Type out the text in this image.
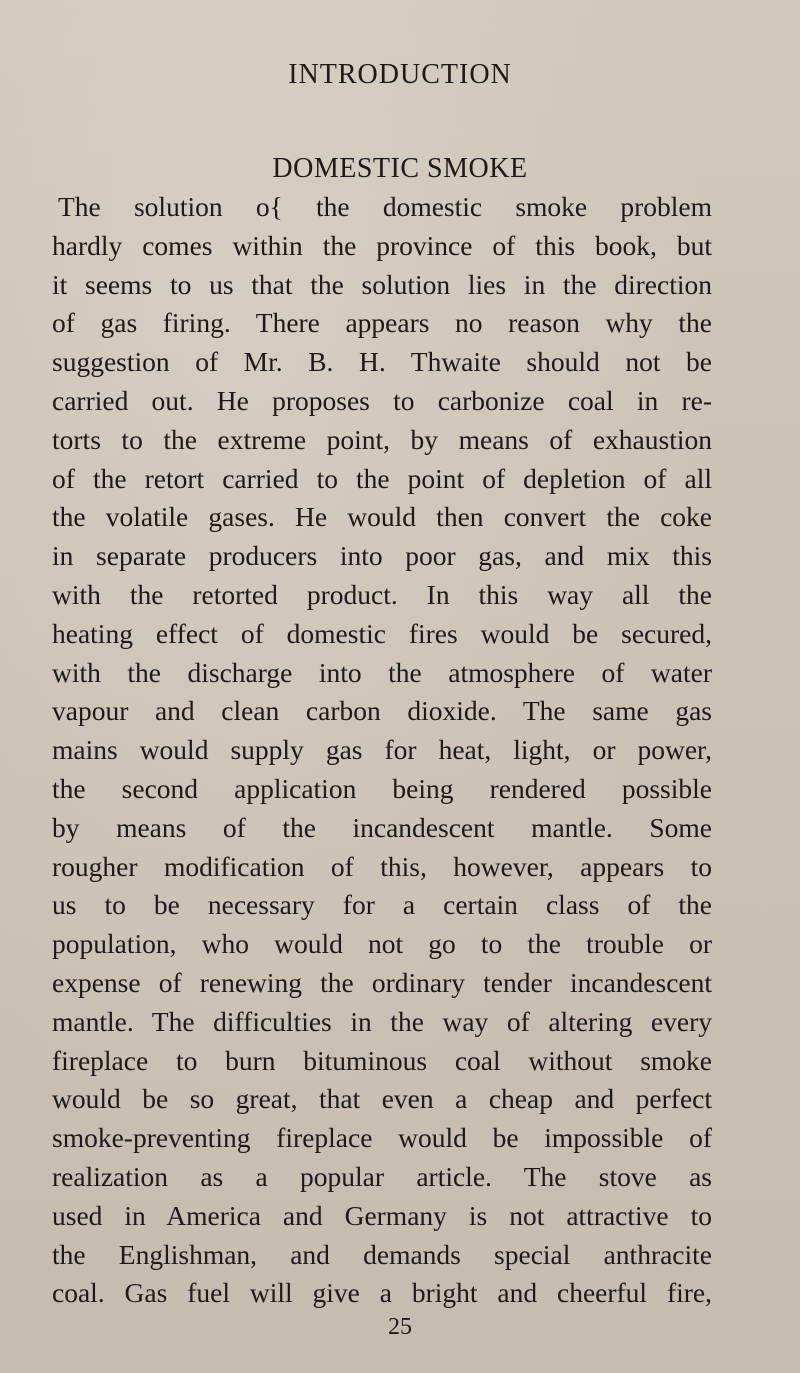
INTRODUCTION
DOMESTIC SMOKE
The solution o{ the domestic smoke problem
hardly comes within the province of this book, but
it seems to us that the solution lies in the direction
of gas firing. There appears no reason why the
suggestion of Mr. B. H. Thwaite should not be
carried out. He proposes to carbonize coal in re-
torts to the extreme point, by means of exhaustion
of the retort carried to the point of depletion of all
the volatile gases. He would then convert the coke
in separate producers into poor gas, and mix this
with the retorted product. In this way all the
heating effect of domestic fires would be secured,
with the discharge into the atmosphere of water
vapour and clean carbon dioxide. The same gas
mains would supply gas for heat, light, or power,
the second application being rendered possible
by means of the incandescent mantle. Some
rougher modification of this, however, appears to
us to be necessary for a certain class of the
population, who would not go to the trouble or
expense of renewing the ordinary tender incandescent
mantle. The difficulties in the way of altering every
fireplace to burn bituminous coal without smoke
would be so great, that even a cheap and perfect
smoke-preventing fireplace would be impossible of
realization as a popular article. The stove as
used in America and Germany is not attractive to
the Englishman, and demands special anthracite
coal. Gas fuel will give a bright and cheerful fire,
25
